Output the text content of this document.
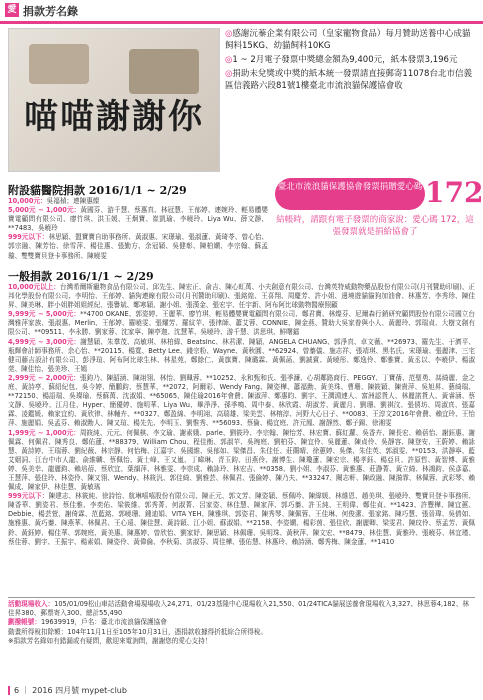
愛 捐款芳名錄
喵喵謝謝你
◎感謝沅蓁企業有限公司（皇家寵物食品）每月贊助送養中心成貓飼料15KG、幼貓飼料10KG
◎1 ~ 2月電子發票中獎總金額為9,400元，紙本發票3,196元
◎捐助未兌獎或中獎的紙本統一發票請直接郵寄11078台北市信義區信義路六段81號1樓臺北市流浪貓保護協會收
臺北市流浪貓保護協會發票捐贈愛心碼 172
結帳時，請跟有電子發票的商家說：愛心碼 172，這張發票就是捐給協會了
附設貓醫院捐款 2016/1/1 ~ 2/29

10,000元：吳福楨；連陳惠燦

5,000元 ~ 1,000元：黃國芬、游千慧、蔡惠真、林冠慧、王郁婷、連婉玲、輕易體嬰寶電顧問有限公司、廖竹琪、洪玉媛、王炯寶、崔凱瑜、李曉玲、Liya Wu、薛文靜、**7483、吳曉玲

999元以下：林思穎、盟寶寶自助事務所、黃淑惠、宋璟瑜、張淑蓮、黃琦苓、曾心怡、郭宗融、陳芳怡、徐雪萍、楊佳惠、張勤方、余冠穎、吳健彰、陳柏嫻、李宗翰、蘇孟璇、雙雙寶貝登卡事務所、陳曉雯

一般捐款 2016/1/1 ~ 2/29

10,000元以上：台灣希爾斯寵物食品有限公司、邱先生、陳宏正、俞吉、陳心虹萬、小夫創意有限公司、台灣英特威動物藥品股份有限公司(月刊贊助印刷)、正邦化學股份有限公司、李明怡、王郁婷、貓狗連線有限公司(月刊贊助印刷)、張銘煌、王喜翔、周慶芳、許小姐、邊境遊貓貓狗加油會、林惠芳、李秀珍、陳佳昇、陳美琳、胖小姐胖姐姐經紀、張譽斌、鄭寒穎、謝小姐、張漢金、張宏宇、任宇新、阿布阿比球動物醫療照顧

9,999元 ~ 5,000元：**4700 OKANE、郭姿婷、王麗華、廖竹琪、輕易體嬰寶電顧問有限公司、鄭君寶、林燦芬、尼爾森行銷研究顧問股份有限公司國立台灣雅萍家族、張淑惠、Merlin、王郁婷、羅曉雯、張耀芳、羅紋苹、張律師、蕭艾蓉、CONNIE、陳金燕、贊助大吳家眷與小人、黃麗玲、郭瑞貞、大樹文創有限公司、**09511、李永勝、劉家蓉、沈家寧、陳亭迦、沈慧華、吳曉玲、游千慧、洪思琪、鮮曙鐳

4,999元 ~ 3,000元：謝慧穎、朱羣茂、高敏琪、林柏緯、BeatsInc、林君潔、陳穎、ANGELA CHUANG、郭淨真、卓文薇、**26973、羅先生、于濟平、瓶輝會計師事務所、余心怡、**20115、楊寬、Betty Lee、錢宗粉、Wayne、黃秋圓、**62924、曾蓁儀、施志祥、張靖琪、黑名氏、宋璟瑜、張麗津、三宅健司藤吉設計有限公司、彭淨瑄、阿布阿比球生林、林星苑、鄭餘仁、黃旗寶、陳璐霖、黃佩菡、劉誠賓、黃曉彤、鄭逸伶、鄭雅寶、黃丞以、李曉伊、楊淑莞、陳佳怡、張美珍、王嫣

2,999元 ~ 2,000元：張鈞乃、陳韶涵、陳翊翎、林怡、劉珮蓉、**10252、永和甄和氏、張季濂、心胡鄰路商行、PEGGY、丁寶蒨、范聖勇、馮綺麗、金之庭、黃詩亭、蘇紹紀包、吳今婷、簡鵬鈞、蔡慧華、**2072、阿爾彩、Wendy Fang、陳姿樺、蕭福勳、黃美珠、曹珊、陳筱穎、陳貴萍、吳旭昇、藝綺瑞、**72150、楊語瑞、吳璨瑜、蔡蘇萬、沈淑娟、**65065、陳佳瑜2016年會費、陳淑萍、鄭惠昀、劉宇、王潤淵連人、富洲認貨人、林麗諾貨人、黃睿涵、蔡文靜、吳曉玲、江月佳、Hyper、簡優婷、施明華、Liya Wu、畢淨淨、孫季鳴、周中泰、林欣霞、胡淑芳、黃麗月、劉珊、劉祺汶、張僖坊、周淑真、張嘉霖、凌鑑媛、賴家宜約、黃欣律、林輔卉、**0327、鄭盈綿、李明翊、高瑞雄、梁美雲、林榕淳、河野大心日子、**0083、王淳文2016年會費、賴宜玲、王怡萍、施麗娟、吳孟芬、賴淑勳人、陳又瑄、楊先先、李明玉、劉惟秀、**56093、蔡倫、楊宜庭、許元鳳、謝靜然、鄭子錫、徐湘雯

1,999元 ~ 1,000元：周筱純、元元、何佩棋、李文瑜、謝素娥、parle、劉筱玲、李宗翰、陳怡芳、林宏寶、蘇紅蘿、吳香卉、陳長宏、賴蓓怡、謝鈺惠、謝佩霖、何佩君、陳秀良、鄭佑蓮、**88379、William Chou、程佳衡、郭淑苹、吳琬庭、劉柏芬、陳宜伶、吳麗蓮、陳貞伶、吳靜容、陳登安、王蔚婷、賴詠慧、黃詩婷、王瑞蓉、劉紀薇、林宗靜、何怡梅、江嘉宇、吳國維、吳郁如、梁傑昌、朱佳任、莊蘭晴、徐蕙婷、吳傑、朱佳英、郭淑雯、**0153、洪靜寧、藍艾姻詞、江台中市人龍、俞維麟、蔡佩怡、黃士峰、王又嵐、丁暐琳、青玉鈞、田燕伶、謝博生、陳瓊蓮、陳宏宗、楊孝鈺、楊亞貝、許原哲、黃智博、黃雅婷、吳美幸、龍麗鈞、賴培蓓、蔡欣宜、葉韻萍、林雅雯、李崇成、賴詠玲、林宏吉、**0358、劉小姐、李淑芬、黃雅惠、莊瀞菁、黃立綺、林鴻鈞、侯彥嘉、王慧萍、張佳玲、林姿伶、陳又翎、Wendy、林筱汎、郭佳綺、劉雅芸、林佩君、張倫婷、陳乃夫、**33247、闕志軒、陳政融、陳漪霏、林佩蓉、武彩琴、賴佩成、陳家伊、林佳慧、黃敏瑤

999元以下：陳建志、林筱純、徐詩怡、航琳嘻嘻股份有限公司、陳正元、郭文芳、陳姿穎、蔡佩吟、陳緯媛、林維恩、趙美琪、張曉玲、雙寶貝登卡事務所、陳香華、劉姿君、蔡佳雅、李奕佑、梁筱維、郭秀菁、何淑菁、呂家姿、林佳慧、陳家萍、郭巧蓁、許玉純、王明偉、鄭佳貞、**1423、許豐樺、陳宜蕙、Debbie、楊芸萱、謝倚霖、范藍銘、郭曉珊、鍾迪娟、VITA YEH、陳雅琪、郭姿君、陳秀琴、陳佩蓉、王佳琳、何俊潔、張家銘、陳巧慧、張晉瑋、吳倩如、施雅惠、黃巧蓁、陳燕華、林佩君、王心遠、陳佳慧、黃詩穎、江小姐、蘇淑娟、**2158、李姿嫻、楊彩茵、張佳欣、謝麗卿、梁雯君、陳玟伶、蔡孟芳、黃佩鈴、黃鈺婷、楊佳華、郭婉庭、黃美惠、陳惠婷、曾欣怡、劉家妤、陳思穎、林佩珊、吳明珠、黃秋萍、陳文宏、**8479、林佳慧、黃雅玲、張曉芬、林宜瑾、蔡佳蓉、劉宇、王振宇、楊素娟、陳姿伶、黃偉倫、李秋菊、洪淑芬、周佳樺、張佑慧、林惠玲、賴詩涵、鄭秀梅、陳金蓮、**1410

活動現場收入：105/01/09松山車站活動會場現場收入24,271、01/23基隆中心現場收入21,550、01/24TICA貓展送養會現場收入3,327、林思蓉4,182、林佳昇380、郵票寄入300、總計55,490
劃撥帳號：19639919，戶名：臺北市流浪貓保護協會
動畫所得稅扣除額：104年11月1日至105年10月31日，憑捐款收據得折抵綜合所得稅。
※捐款芳名錄如有錯漏或有疑問，歡迎來電詢問，謝謝您的愛心支持！
6 ｜ 2016 四月號 mypet-club
